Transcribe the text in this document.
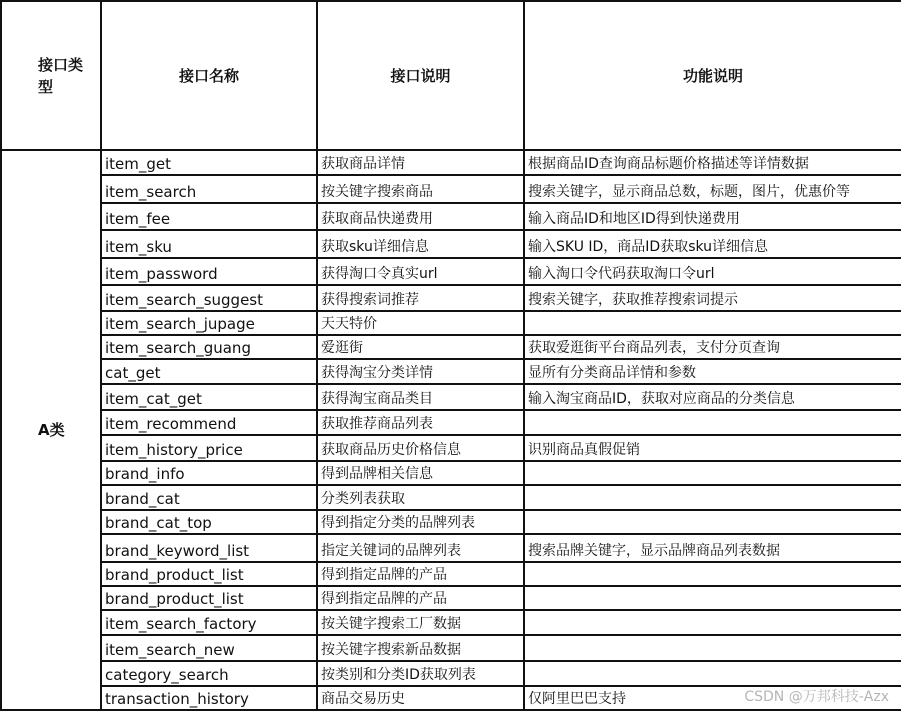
接口类型	接口名称	接口说明	功能说明
A类	item_get	获取商品详情	根据商品ID查询商品标题价格描述等详情数据
	item_search	按关键字搜索商品	搜索关键字，显示商品总数，标题，图片，优惠价等
	item_fee	获取商品快递费用	输入商品ID和地区ID得到快递费用
	item_sku	获取sku详细信息	输入SKU ID，商品ID获取sku详细信息
	item_password	获得淘口令真实url	输入淘口令代码获取淘口令url
	item_search_suggest	获得搜索词推荐	搜索关键字，获取推荐搜索词提示
	item_search_jupage	天天特价	
	item_search_guang	爱逛街	获取爱逛街平台商品列表，支付分页查询
	cat_get	获得淘宝分类详情	显所有分类商品详情和参数
	item_cat_get	获得淘宝商品类目	输入淘宝商品ID，获取对应商品的分类信息
	item_recommend	获取推荐商品列表	
	item_history_price	获取商品历史价格信息	识别商品真假促销
	brand_info	得到品牌相关信息	
	brand_cat	分类列表获取	
	brand_cat_top	得到指定分类的品牌列表	
	brand_keyword_list	指定关键词的品牌列表	搜索品牌关键字，显示品牌商品列表数据
	brand_product_list	得到指定品牌的产品	
	brand_product_list	得到指定品牌的产品	
	item_search_factory	按关键字搜索工厂数据	
	item_search_new	按关键字搜索新品数据	
	category_search	按类别和分类ID获取列表	
	transaction_history	商品交易历史	仅阿里巴巴支持	CSDN @万邦科技-Azx
